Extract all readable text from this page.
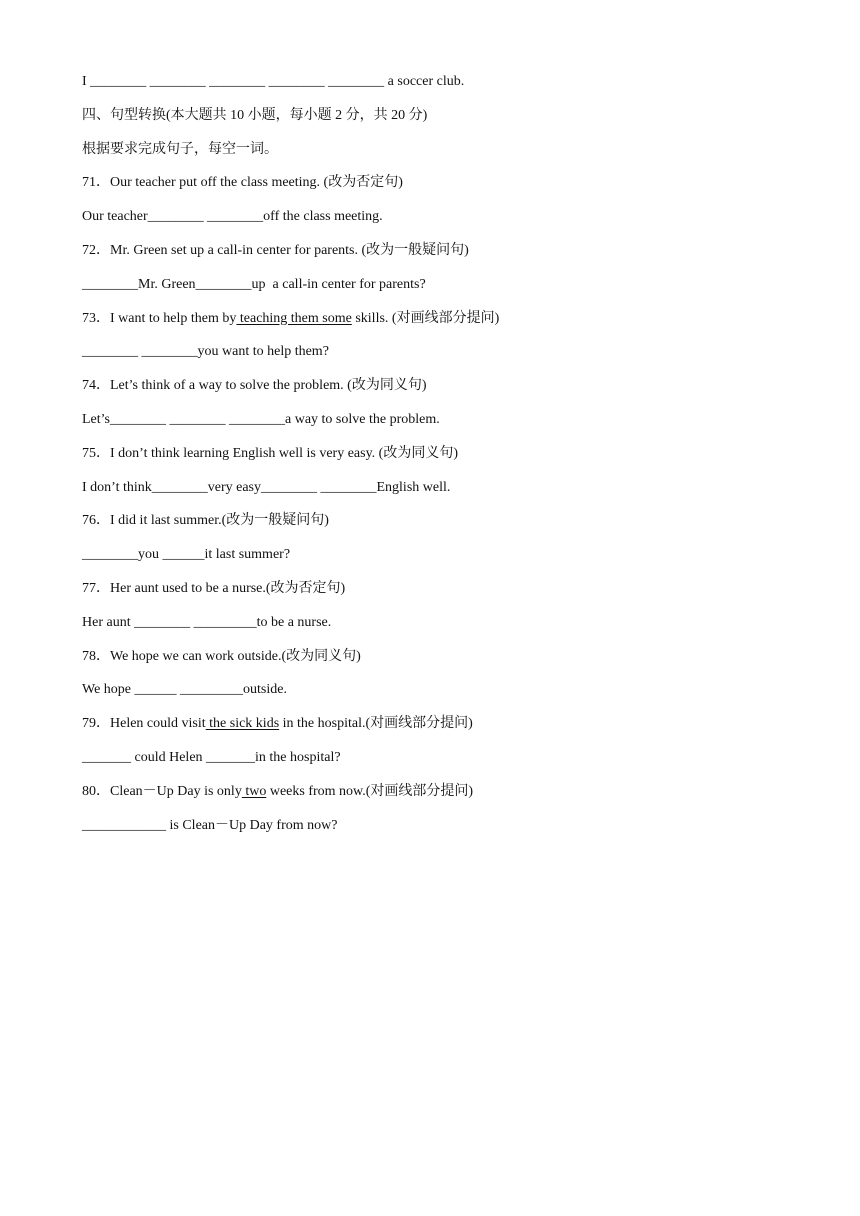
I ________ ________ ________ ________ ________ a soccer club.
四、句型转换(本大题共 10 小题，每小题 2 分，共 20 分)
根据要求完成句子，每空一词。
71．Our teacher put off the class meeting. (改为否定句)
Our teacher________ ________off the class meeting.
72．Mr. Green set up a call-in center for parents. (改为一般疑问句)
________Mr. Green________up  a call-in center for parents?
73．I want to help them by teaching them some skills. (对画线部分提问)
________ ________you want to help them?
74．Let’s think of a way to solve the problem. (改为同义句)
Let’s________ ________ ________a way to solve the problem.
75．I don’t think learning English well is very easy. (改为同义句)
I don’t think________very easy________ ________English well.
76．I did it last summer.(改为一般疑问句)
________you ______it last summer?
77．Her aunt used to be a nurse.(改为否定句)
Her aunt ________ _________to be a nurse.
78．We hope we can work outside.(改为同义句)
We hope ______ _________outside.
79．Helen could visit the sick kids in the hospital.(对画线部分提问)
_______ could Helen _______in the hospital?
80．Clean－Up Day is only two weeks from now.(对画线部分提问)
____________ is Clean－Up Day from now?
